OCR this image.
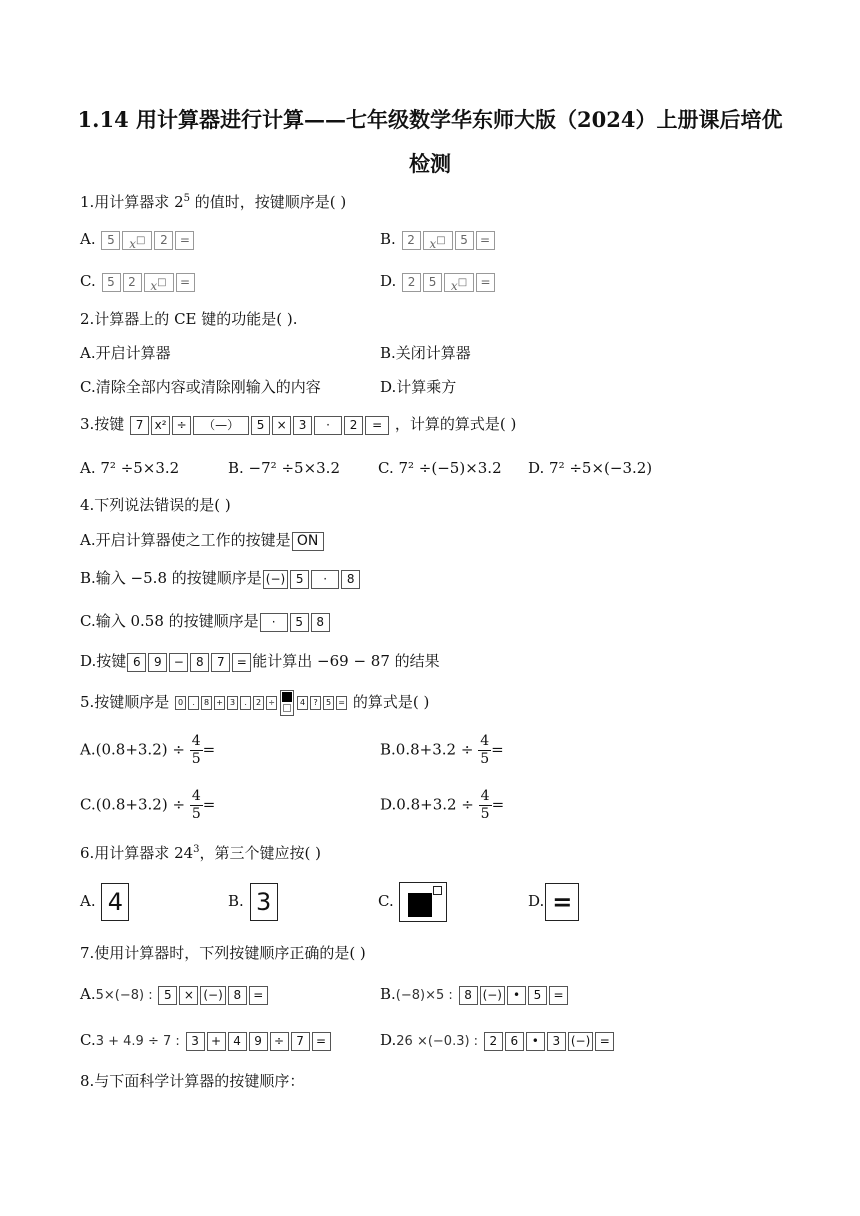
1.14 用计算器进行计算——七年级数学华东师大版（2024）上册课后培优
检测
1.用计算器求 $2^5$ 的值时，按键顺序是( )
A. 5 x□ 2 =	B. 2 x□ 5 =
C. 5 2 x□ =	D. 2 5 x□ =
2.计算器上的 CE 键的功能是( ).
A.开启计算器	B.关闭计算器
C.清除全部内容或清除刚输入的内容	D.计算乘方
3.按键 7 x² ÷ （—） 5 × 3 · 2 = ，计算的算式是( )
A. 7² ÷5×3.2	B. −7² ÷5×3.2	C. 7² ÷(−5)×3.2 D. 7² ÷5×(−3.2)
4.下列说法错误的是( )
A.开启计算器使之工作的按键是 ON
B.输入 −5.8 的按键顺序是 (−) 5 · 8
C.输入 0.58 的按键顺序是 · 5 8
D.按键 6 9 − 8 7 = 能计算出 −69 − 87 的结果
5.按键顺序是 0 . 8 + 3 . 2 ÷	4 ? 5 = 的算式是( )
$A.(0.8+3.2) \div \frac{4}{5}$ =	$B.0.8+3.2 \div \frac{4}{5}$ =
$C.(0.8+3.2) \div \frac{4}{5}$ =	$D.0.8+3.2 \div \frac{4}{5}$ =
6.用计算器求 $24^3$，第三个键应按( )
A. 4	B. 3	C.	D. =
7.使用计算器时，下列按键顺序正确的是( )
A.5×(−8) : 5 × (−) 8 =	B.(−8)×5 : 8 (−) • 5 =
C.3 + 4.9 ÷ 7 : 3 + 4 9 ÷ 7 =	D.26 ×(−0.3) : 2 6 • 3 (−) =
8.与下面科学计算器的按键顺序：
